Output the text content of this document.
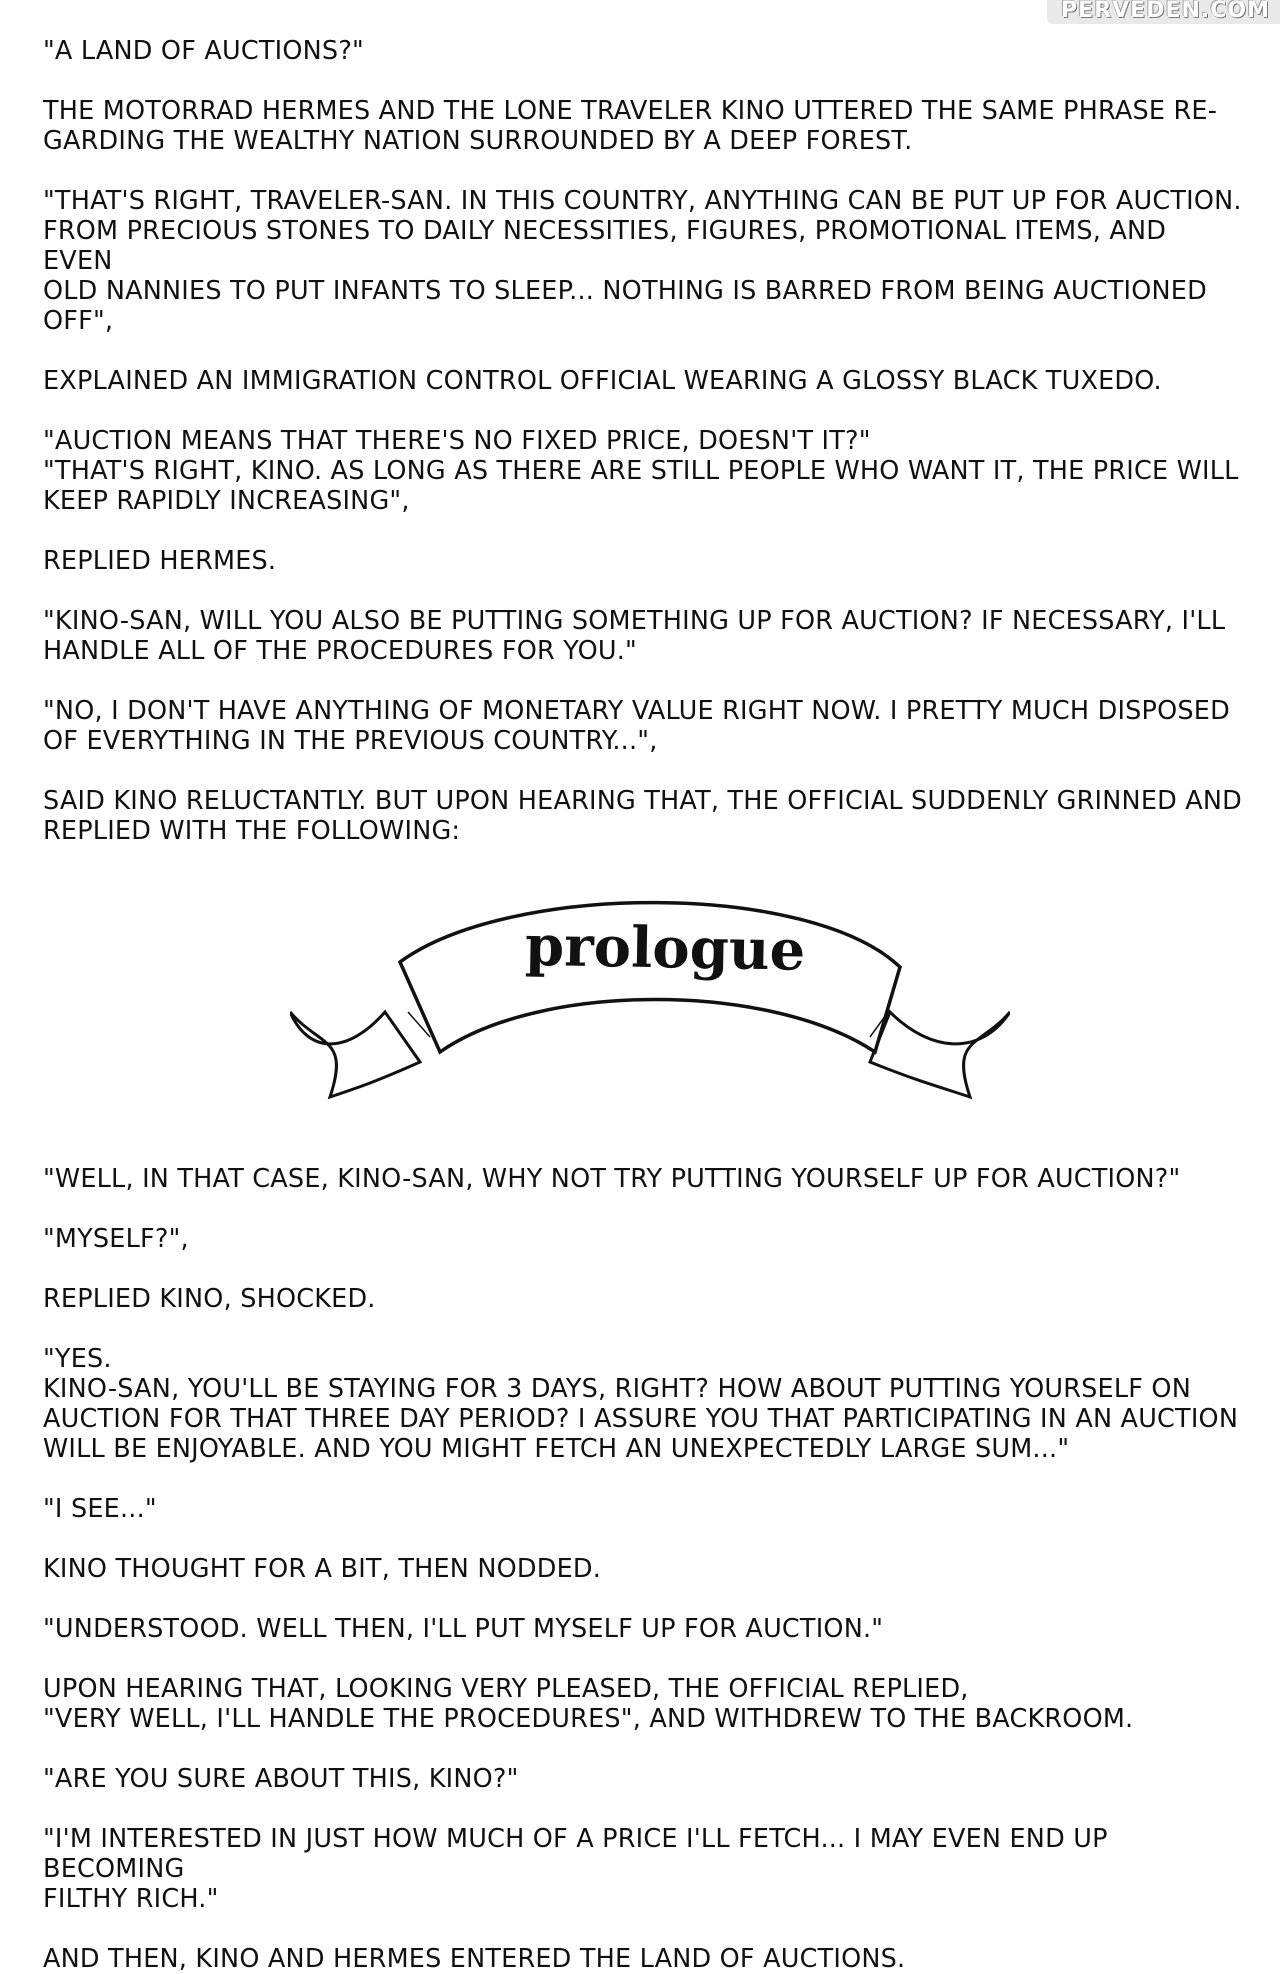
PERVEDEN.COM

"A LAND OF AUCTIONS?"

THE MOTORRAD HERMES AND THE LONE TRAVELER KINO UTTERED THE SAME PHRASE RE-
GARDING THE WEALTHY NATION SURROUNDED BY A DEEP FOREST.

"THAT'S RIGHT, TRAVELER-SAN. IN THIS COUNTRY, ANYTHING CAN BE PUT UP FOR AUCTION.
FROM PRECIOUS STONES TO DAILY NECESSITIES, FIGURES, PROMOTIONAL ITEMS, AND EVEN
OLD NANNIES TO PUT INFANTS TO SLEEP... NOTHING IS BARRED FROM BEING AUCTIONED OFF",

EXPLAINED AN IMMIGRATION CONTROL OFFICIAL WEARING A GLOSSY BLACK TUXEDO.

"AUCTION MEANS THAT THERE'S NO FIXED PRICE, DOESN'T IT?"
"THAT'S RIGHT, KINO. AS LONG AS THERE ARE STILL PEOPLE WHO WANT IT, THE PRICE WILL
KEEP RAPIDLY INCREASING",

REPLIED HERMES.

"KINO-SAN, WILL YOU ALSO BE PUTTING SOMETHING UP FOR AUCTION? IF NECESSARY, I'LL
HANDLE ALL OF THE PROCEDURES FOR YOU."

"NO, I DON'T HAVE ANYTHING OF MONETARY VALUE RIGHT NOW. I PRETTY MUCH DISPOSED
OF EVERYTHING IN THE PREVIOUS COUNTRY...",

SAID KINO RELUCTANTLY. BUT UPON HEARING THAT, THE OFFICIAL SUDDENLY GRINNED AND
REPLIED WITH THE FOLLOWING:

prologue

"WELL, IN THAT CASE, KINO-SAN, WHY NOT TRY PUTTING YOURSELF UP FOR AUCTION?"

"MYSELF?",

REPLIED KINO, SHOCKED.

"YES.
KINO-SAN, YOU'LL BE STAYING FOR 3 DAYS, RIGHT? HOW ABOUT PUTTING YOURSELF ON
AUCTION FOR THAT THREE DAY PERIOD? I ASSURE YOU THAT PARTICIPATING IN AN AUCTION
WILL BE ENJOYABLE. AND YOU MIGHT FETCH AN UNEXPECTEDLY LARGE SUM..."

"I SEE..."

KINO THOUGHT FOR A BIT, THEN NODDED.

"UNDERSTOOD. WELL THEN, I'LL PUT MYSELF UP FOR AUCTION."

UPON HEARING THAT, LOOKING VERY PLEASED, THE OFFICIAL REPLIED,
"VERY WELL, I'LL HANDLE THE PROCEDURES", AND WITHDREW TO THE BACKROOM.

"ARE YOU SURE ABOUT THIS, KINO?"

"I'M INTERESTED IN JUST HOW MUCH OF A PRICE I'LL FETCH... I MAY EVEN END UP BECOMING
FILTHY RICH."

AND THEN, KINO AND HERMES ENTERED THE LAND OF AUCTIONS.
